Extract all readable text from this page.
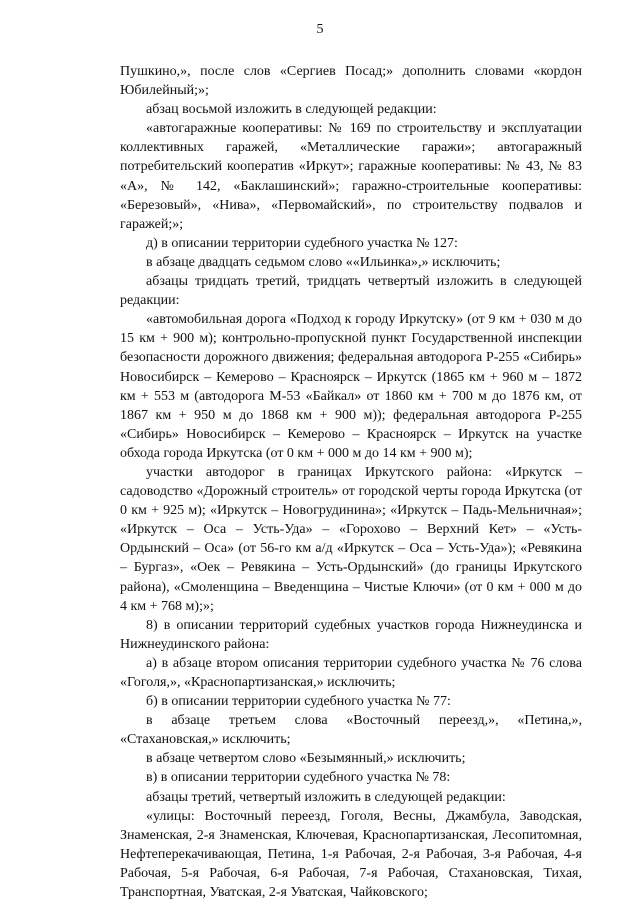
5

Пушкино,», после слов «Сергиев Посад;» дополнить словами «кордон Юбилейный;»;

абзац восьмой изложить в следующей редакции:

«автогаражные кооперативы: № 169 по строительству и эксплуатации коллективных гаражей, «Металлические гаражи»; автогаражный потребительский кооператив «Иркут»; гаражные кооперативы: № 43, № 83 «А», № 142, «Баклашинский»; гаражно-строительные кооперативы: «Березовый», «Нива», «Первомайский», по строительству подвалов и гаражей;»;

д) в описании территории судебного участка № 127:

в абзаце двадцать седьмом слово ««Ильинка»,» исключить;

абзацы тридцать третий, тридцать четвертый изложить в следующей редакции:

«автомобильная дорога «Подход к городу Иркутску» (от 9 км + 030 м до 15 км + 900 м); контрольно-пропускной пункт Государственной инспекции безопасности дорожного движения; федеральная автодорога Р-255 «Сибирь» Новосибирск – Кемерово – Красноярск – Иркутск (1865 км + 960 м – 1872 км + 553 м (автодорога М-53 «Байкал» от 1860 км + 700 м до 1876 км, от 1867 км + 950 м до 1868 км + 900 м)); федеральная автодорога Р-255 «Сибирь» Новосибирск – Кемерово – Красноярск – Иркутск на участке обхода города Иркутска (от 0 км + 000 м до 14 км + 900 м);

участки автодорог в границах Иркутского района: «Иркутск – садоводство «Дорожный строитель» от городской черты города Иркутска (от 0 км + 925 м); «Иркутск – Новогрудинина»; «Иркутск – Падь-Мельничная»; «Иркутск – Оса – Усть-Уда» – «Горохово – Верхний Кет» – «Усть-Ордынский – Оса» (от 56-го км а/д «Иркутск – Оса – Усть-Уда»); «Ревякина – Бургаз», «Оек – Ревякина – Усть-Ордынский» (до границы Иркутского района), «Смоленщина – Введенщина – Чистые Ключи» (от 0 км + 000 м до 4 км + 768 м);»;

8) в описании территорий судебных участков города Нижнеудинска и Нижнеудинского района:

а) в абзаце втором описания территории судебного участка № 76 слова «Гоголя,», «Краснопартизанская,» исключить;

б) в описании территории судебного участка № 77:

в абзаце третьем слова «Восточный переезд,», «Петина,», «Стахановская,» исключить;

в абзаце четвертом слово «Безымянный,» исключить;

в) в описании территории судебного участка № 78:

абзацы третий, четвертый изложить в следующей редакции:

«улицы: Восточный переезд, Гоголя, Весны, Джамбула, Заводская, Знаменская, 2-я Знаменская, Ключевая, Краснопартизанская, Лесопитомная, Нефтеперекачивающая, Петина, 1-я Рабочая, 2-я Рабочая, 3-я Рабочая, 4-я Рабочая, 5-я Рабочая, 6-я Рабочая, 7-я Рабочая, Стахановская, Тихая, Транспортная, Уватская, 2-я Уватская, Чайковского;
